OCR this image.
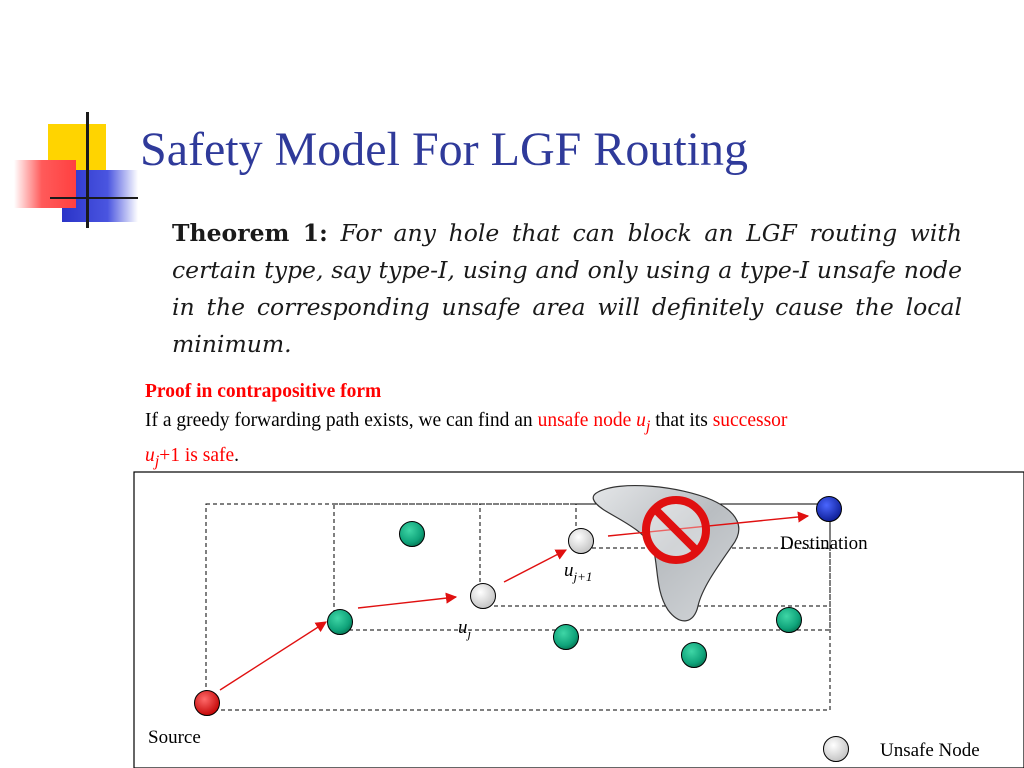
Safety Model For LGF Routing
Theorem 1: For any hole that can block an LGF routing with certain type, say type-I, using and only using a type-I unsafe node in the corresponding unsafe area will definitely cause the local minimum.
Proof in contrapositive form
If a greedy forwarding path exists, we can find an unsafe node $u_j$ that its successor
$u_j+1$ is safe.
Destination
Source
$u_j$
$u_{j+1}$
Unsafe Node
